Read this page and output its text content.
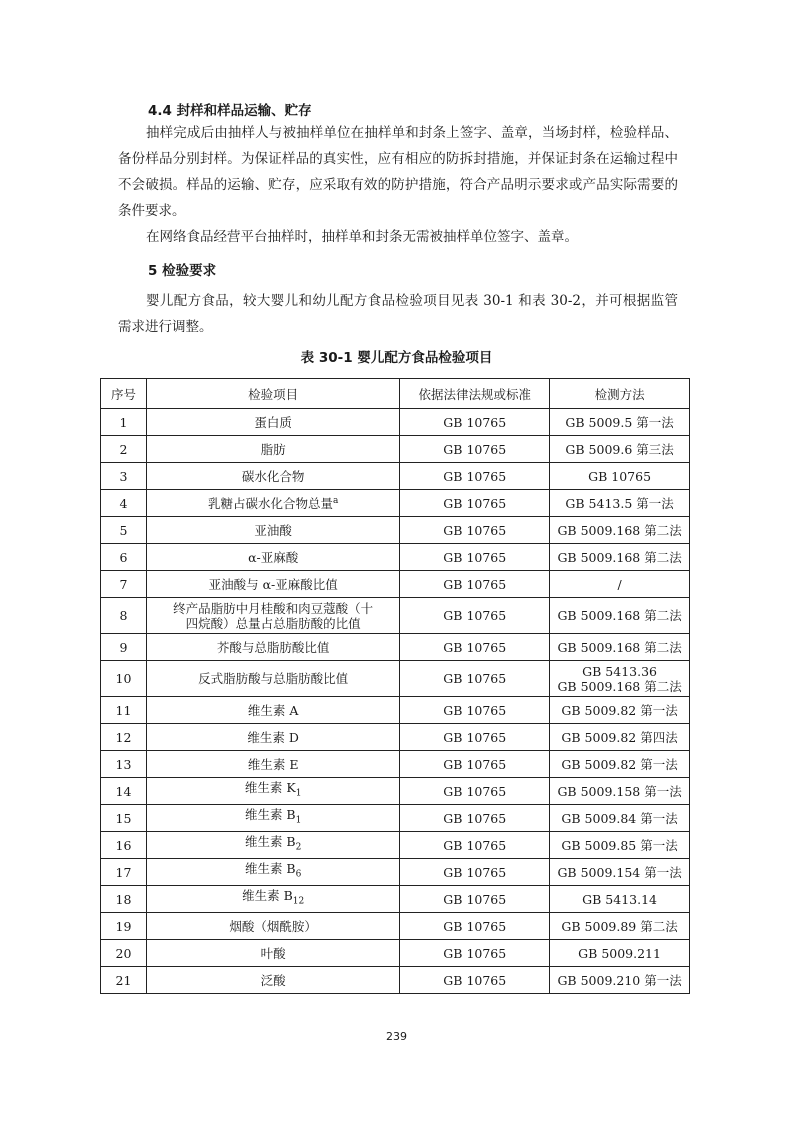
4.4 封样和样品运输、贮存
抽样完成后由抽样人与被抽样单位在抽样单和封条上签字、盖章，当场封样，检验样品、备份样品分别封样。为保证样品的真实性，应有相应的防拆封措施，并保证封条在运输过程中不会破损。样品的运输、贮存，应采取有效的防护措施，符合产品明示要求或产品实际需要的条件要求。
在网络食品经营平台抽样时，抽样单和封条无需被抽样单位签字、盖章。
5 检验要求
婴儿配方食品，较大婴儿和幼儿配方食品检验项目见表 30-1 和表 30-2，并可根据监管需求进行调整。
表 30-1 婴儿配方食品检验项目
序号	检验项目	依据法律法规或标准	检测方法
1	蛋白质	GB 10765	GB 5009.5 第一法
2	脂肪	GB 10765	GB 5009.6 第三法
3	碳水化合物	GB 10765	GB 10765
4	乳糖占碳水化合物总量$^a$	GB 10765	GB 5413.5 第一法
5	亚油酸	GB 10765	GB 5009.168 第二法
6	α-亚麻酸	GB 10765	GB 5009.168 第二法
7	亚油酸与 α-亚麻酸比值	GB 10765	/
8	终产品脂肪中月桂酸和肉豆蔻酸（十
四烷酸）总量占总脂肪酸的比值	GB 10765	GB 5009.168 第二法
9	芥酸与总脂肪酸比值	GB 10765	GB 5009.168 第二法
10	反式脂肪酸与总脂肪酸比值	GB 10765	GB 5413.36
GB 5009.168 第二法
11	维生素 A	GB 10765	GB 5009.82 第一法
12	维生素 D	GB 10765	GB 5009.82 第四法
13	维生素 E	GB 10765	GB 5009.82 第一法
14	维生素 $K_1$	GB 10765	GB 5009.158 第一法
15	维生素 $B_1$	GB 10765	GB 5009.84 第一法
16	维生素 $B_2$	GB 10765	GB 5009.85 第一法
17	维生素 $B_6$	GB 10765	GB 5009.154 第一法
18	维生素 $B_{12}$	GB 10765	GB 5413.14
19	烟酸（烟酰胺）	GB 10765	GB 5009.89 第二法
20	叶酸	GB 10765	GB 5009.211
21	泛酸	GB 10765	GB 5009.210 第一法
239
